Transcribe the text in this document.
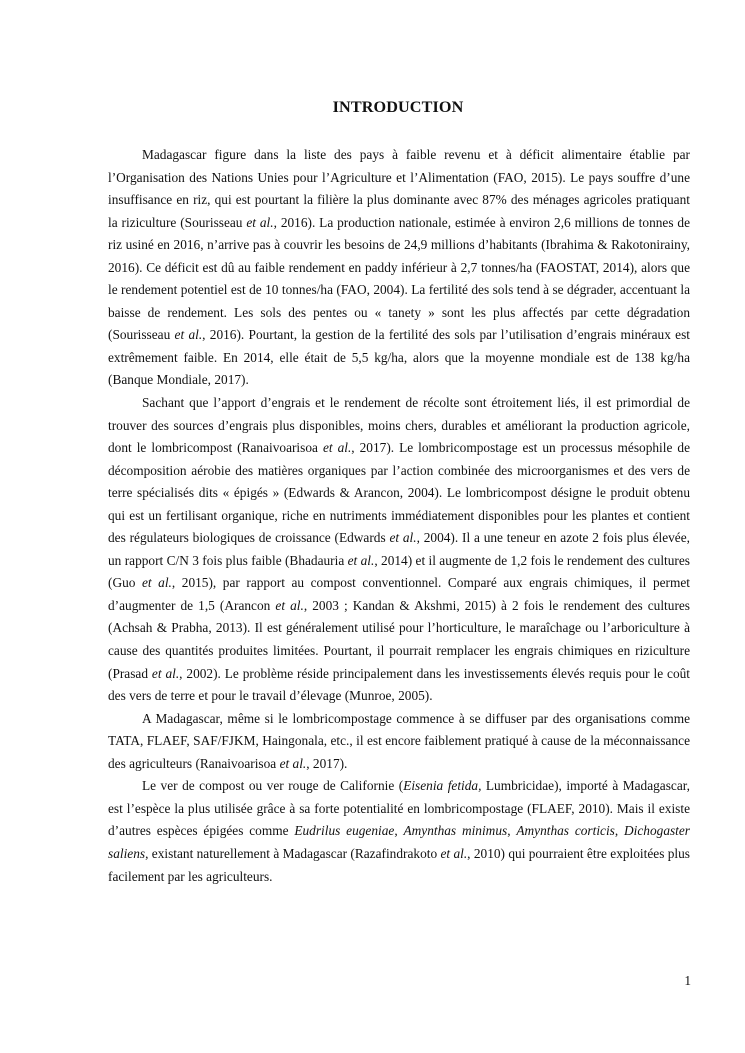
INTRODUCTION

Madagascar figure dans la liste des pays à faible revenu et à déficit alimentaire établie par l’Organisation des Nations Unies pour l’Agriculture et l’Alimentation (FAO, 2015). Le pays souffre d’une insuffisance en riz, qui est pourtant la filière la plus dominante avec 87% des ménages agricoles pratiquant la riziculture (Sourisseau et al., 2016). La production nationale, estimée à environ 2,6 millions de tonnes de riz usiné en 2016, n’arrive pas à couvrir les besoins de 24,9 millions d’habitants (Ibrahima & Rakotonirainy, 2016). Ce déficit est dû au faible rendement en paddy inférieur à 2,7 tonnes/ha (FAOSTAT, 2014), alors que le rendement potentiel est de 10 tonnes/ha (FAO, 2004). La fertilité des sols tend à se dégrader, accentuant la baisse de rendement. Les sols des pentes ou « tanety » sont les plus affectés par cette dégradation (Sourisseau et al., 2016). Pourtant, la gestion de la fertilité des sols par l’utilisation d’engrais minéraux est extrêmement faible. En 2014, elle était de 5,5 kg/ha, alors que la moyenne mondiale est de 138 kg/ha (Banque Mondiale, 2017).

Sachant que l’apport d’engrais et le rendement de récolte sont étroitement liés, il est primordial de trouver des sources d’engrais plus disponibles, moins chers, durables et améliorant la production agricole, dont le lombricompost (Ranaivoarisoa et al., 2017). Le lombricompostage est un processus mésophile de décomposition aérobie des matières organiques par l’action combinée des microorganismes et des vers de terre spécialisés dits « épigés » (Edwards & Arancon, 2004). Le lombricompost désigne le produit obtenu qui est un fertilisant organique, riche en nutriments immédiatement disponibles pour les plantes et contient des régulateurs biologiques de croissance (Edwards et al., 2004). Il a une teneur en azote 2 fois plus élevée, un rapport C/N 3 fois plus faible (Bhadauria et al., 2014) et il augmente de 1,2 fois le rendement des cultures (Guo et al., 2015), par rapport au compost conventionnel. Comparé aux engrais chimiques, il permet d’augmenter de 1,5 (Arancon et al., 2003 ; Kandan & Akshmi, 2015) à 2 fois le rendement des cultures (Achsah & Prabha, 2013). Il est généralement utilisé pour l’horticulture, le maraîchage ou l’arboriculture à cause des quantités produites limitées. Pourtant, il pourrait remplacer les engrais chimiques en riziculture (Prasad et al., 2002). Le problème réside principalement dans les investissements élevés requis pour le coût des vers de terre et pour le travail d’élevage (Munroe, 2005).

A Madagascar, même si le lombricompostage commence à se diffuser par des organisations comme TATA, FLAEF, SAF/FJKM, Haingonala, etc., il est encore faiblement pratiqué à cause de la méconnaissance des agriculteurs (Ranaivoarisoa et al., 2017).

Le ver de compost ou ver rouge de Californie (Eisenia fetida, Lumbricidae), importé à Madagascar, est l’espèce la plus utilisée grâce à sa forte potentialité en lombricompostage (FLAEF, 2010). Mais il existe d’autres espèces épigées comme Eudrilus eugeniae, Amynthas minimus, Amynthas corticis, Dichogaster saliens, existant naturellement à Madagascar (Razafindrakoto et al., 2010) qui pourraient être exploitées plus facilement par les agriculteurs.

1
